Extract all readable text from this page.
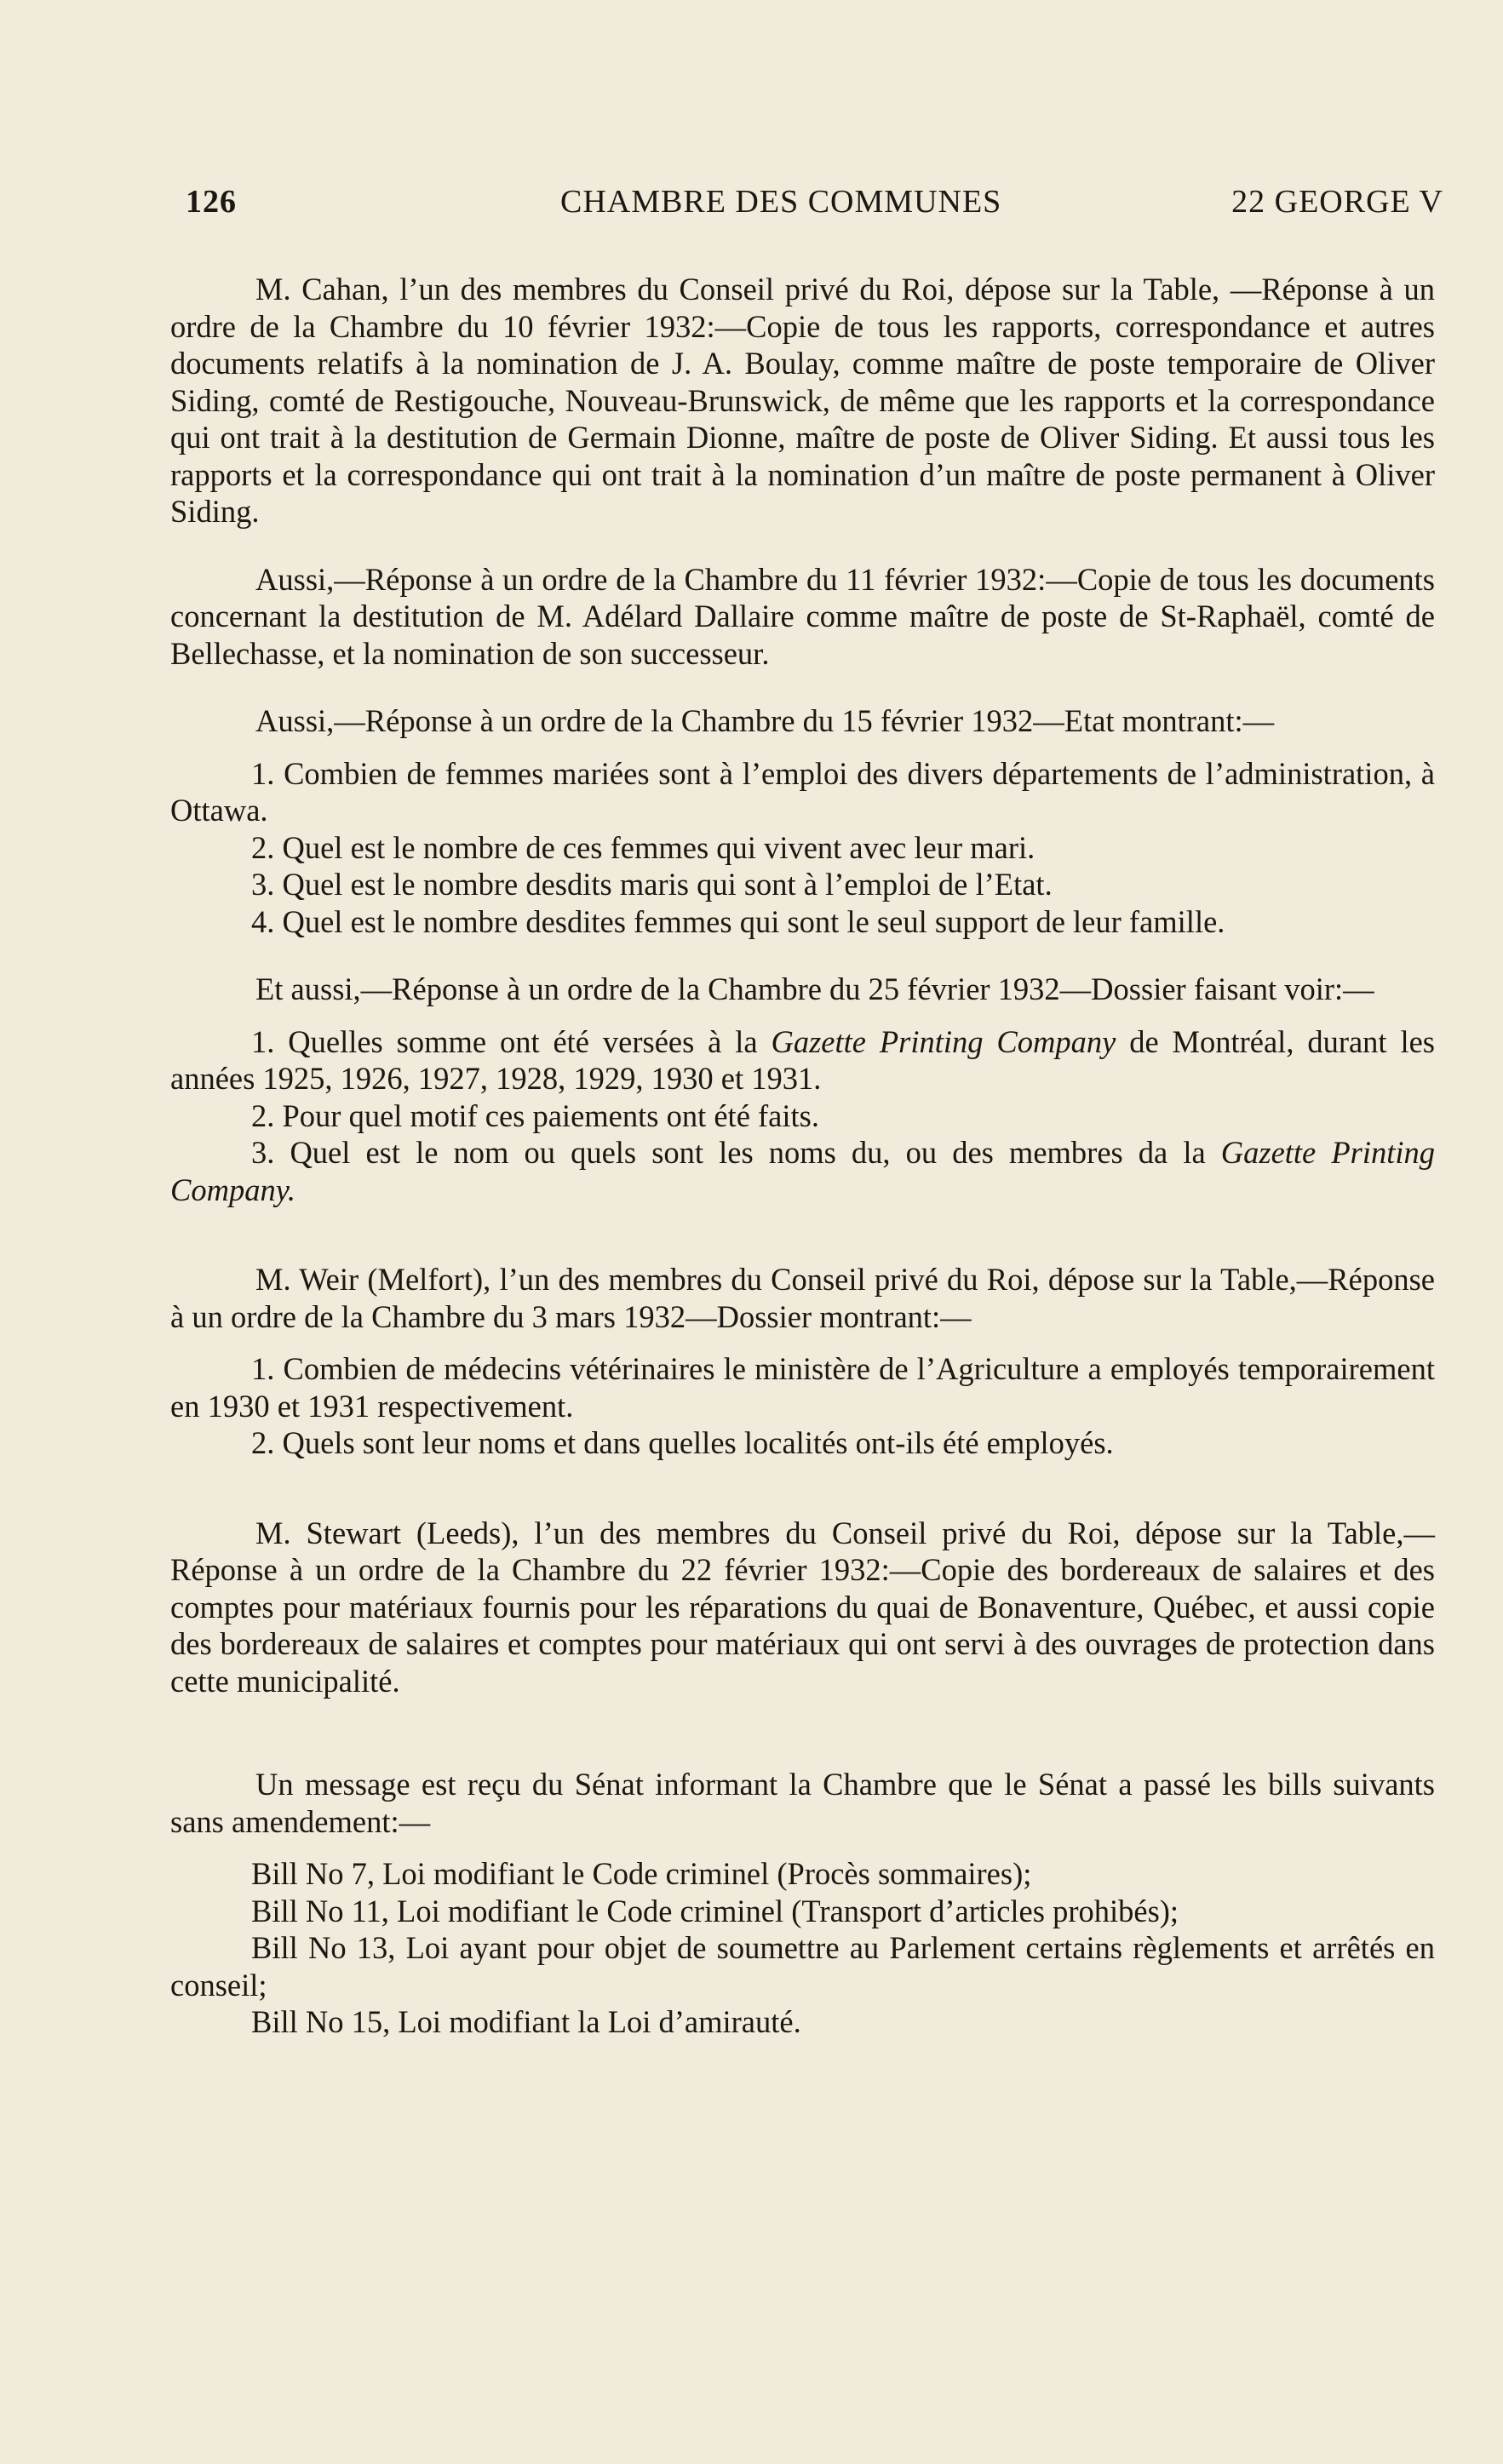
126	CHAMBRE DES COMMUNES	22 GEORGE V

M. Cahan, l’un des membres du Conseil privé du Roi, dépose sur la Table, —Réponse à un ordre de la Chambre du 10 février 1932:—Copie de tous les rapports, correspondance et autres documents relatifs à la nomination de J. A. Boulay, comme maître de poste temporaire de Oliver Siding, comté de Restigouche, Nouveau-Brunswick, de même que les rapports et la correspondance qui ont trait à la destitution de Germain Dionne, maître de poste de Oliver Siding. Et aussi tous les rapports et la correspondance qui ont trait à la nomination d’un maître de poste permanent à Oliver Siding.

Aussi,—Réponse à un ordre de la Chambre du 11 février 1932:—Copie de tous les documents concernant la destitution de M. Adélard Dallaire comme maître de poste de St-Raphaël, comté de Bellechasse, et la nomination de son successeur.

Aussi,—Réponse à un ordre de la Chambre du 15 février 1932—Etat montrant:—

1. Combien de femmes mariées sont à l’emploi des divers départements de l’administration, à Ottawa.

2. Quel est le nombre de ces femmes qui vivent avec leur mari.

3. Quel est le nombre desdits maris qui sont à l’emploi de l’Etat.

4. Quel est le nombre desdites femmes qui sont le seul support de leur famille.

Et aussi,—Réponse à un ordre de la Chambre du 25 février 1932—Dossier faisant voir:—

1. Quelles somme ont été versées à la Gazette Printing Company de Montréal, durant les années 1925, 1926, 1927, 1928, 1929, 1930 et 1931.

2. Pour quel motif ces paiements ont été faits.

3. Quel est le nom ou quels sont les noms du, ou des membres da la Gazette Printing Company.

M. Weir (Melfort), l’un des membres du Conseil privé du Roi, dépose sur la Table,—Réponse à un ordre de la Chambre du 3 mars 1932—Dossier montrant:—

1. Combien de médecins vétérinaires le ministère de l’Agriculture a employés temporairement en 1930 et 1931 respectivement.

2. Quels sont leur noms et dans quelles localités ont-ils été employés.

M. Stewart (Leeds), l’un des membres du Conseil privé du Roi, dépose sur la Table,—Réponse à un ordre de la Chambre du 22 février 1932:—Copie des bordereaux de salaires et des comptes pour matériaux fournis pour les réparations du quai de Bonaventure, Québec, et aussi copie des bordereaux de salaires et comptes pour matériaux qui ont servi à des ouvrages de protection dans cette municipalité.

Un message est reçu du Sénat informant la Chambre que le Sénat a passé les bills suivants sans amendement:—

Bill No 7, Loi modifiant le Code criminel (Procès sommaires);

Bill No 11, Loi modifiant le Code criminel (Transport d’articles prohibés);

Bill No 13, Loi ayant pour objet de soumettre au Parlement certains règlements et arrêtés en conseil;

Bill No 15, Loi modifiant la Loi d’amirauté.
